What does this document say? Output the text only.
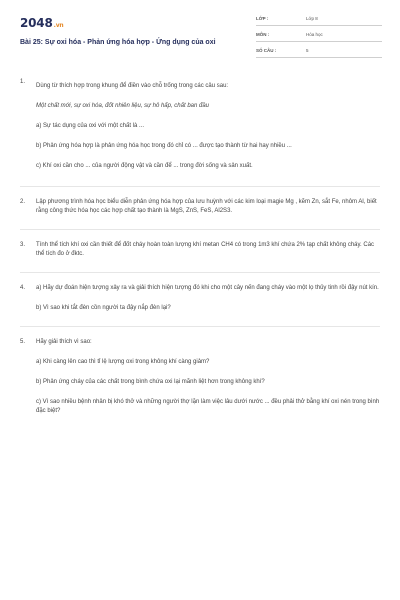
2048.vn
Bài 25: Sự oxi hóa - Phản ứng hóa hợp - Ứng dụng của oxi
LỚP :	Lớp 8
MÔN :	Hóa học
SỐ CÂU :	5
1.
Dùng từ thích hợp trong khung để điền vào chỗ trống trong các câu sau:
Một chất mới, sự oxi hóa, đốt nhiên liệu, sự hô hấp, chất ban đầu
a) Sự tác dụng của oxi với một chất là ...
b) Phản ứng hóa hợp là phản ứng hóa học trong đó chỉ có ... được tạo thành từ hai hay nhiều ...
c) Khí oxi cần cho ... của người động vật và cần để ... trong đời sống và sản xuất.
2. Lập phương trình hóa học biểu diễn phản ứng hóa hợp của lưu huỳnh với các kim loại magie Mg , kẽm Zn, sắt Fe, nhôm Al, biết rằng công thức hóa học các hợp chất tạo thành là MgS, ZnS, FeS, Al2S3.
3. Tính thể tích khí oxi cần thiết để đốt cháy hoàn toàn lượng khí metan CH4 có trong 1m3 khí chứa 2% tạp chất không cháy. Các thể tích đo ở đktc.
4. a) Hãy dự đoán hiện tượng xảy ra và giải thích hiện tượng đó khi cho một cây nến đang cháy vào một lọ thủy tinh rồi đậy nút kín.
b) Vì sao khi tắt đèn cồn người ta đậy nắp đèn lại?
5. Hãy giải thích vì sao:
a) Khi càng lên cao thì tỉ lệ lượng oxi trong không khí càng giảm?
b) Phản ứng cháy của các chất trong bình chứa oxi lại mãnh liệt hơn trong không khí?
c) Vì sao nhiều bệnh nhân bị khó thở và những người thợ lặn làm việc lâu dưới nước ... đều phải thở bằng khí oxi nén trong bình đặc biệt?
